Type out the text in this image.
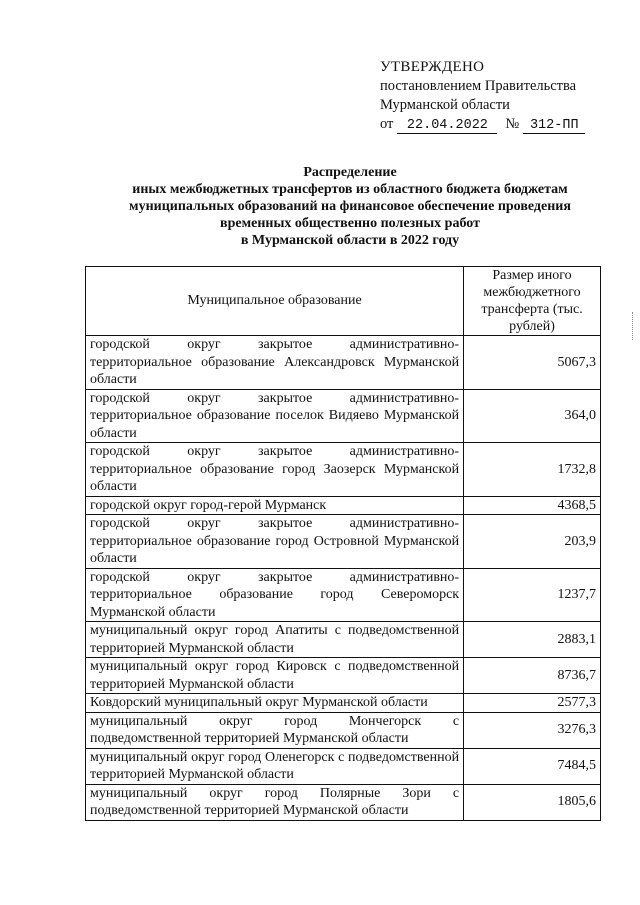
УТВЕРЖДЕНО
постановлением Правительства
Мурманской области
от 22.04.2022 № 312-ПП
Распределение
иных межбюджетных трансфертов из областного бюджета бюджетам
муниципальных образований на финансовое обеспечение проведения
временных общественно полезных работ
в Мурманской области в 2022 году
Муниципальное образование	Размер иного межбюджетного трансферта (тыс. рублей)
городской округ закрытое административно-территориальное образование Александровск Мурманской области	5067,3
городской округ закрытое административно-территориальное образование поселок Видяево Мурманской области	364,0
городской округ закрытое административно-территориальное образование город Заозерск Мурманской области	1732,8
городской округ город-герой Мурманск	4368,5
городской округ закрытое административно-территориальное образование город Островной Мурманской области	203,9
городской округ закрытое административно-территориальное образование город Североморск Мурманской области	1237,7
муниципальный округ город Апатиты с подведомственной территорией Мурманской области	2883,1
муниципальный округ город Кировск с подведомственной территорией Мурманской области	8736,7
Ковдорский муниципальный округ Мурманской области	2577,3
муниципальный округ город Мончегорск с подведомственной территорией Мурманской области	3276,3
муниципальный округ город Оленегорск с подведомственной территорией Мурманской области	7484,5
муниципальный округ город Полярные Зори с подведомственной территорией Мурманской области	1805,6
